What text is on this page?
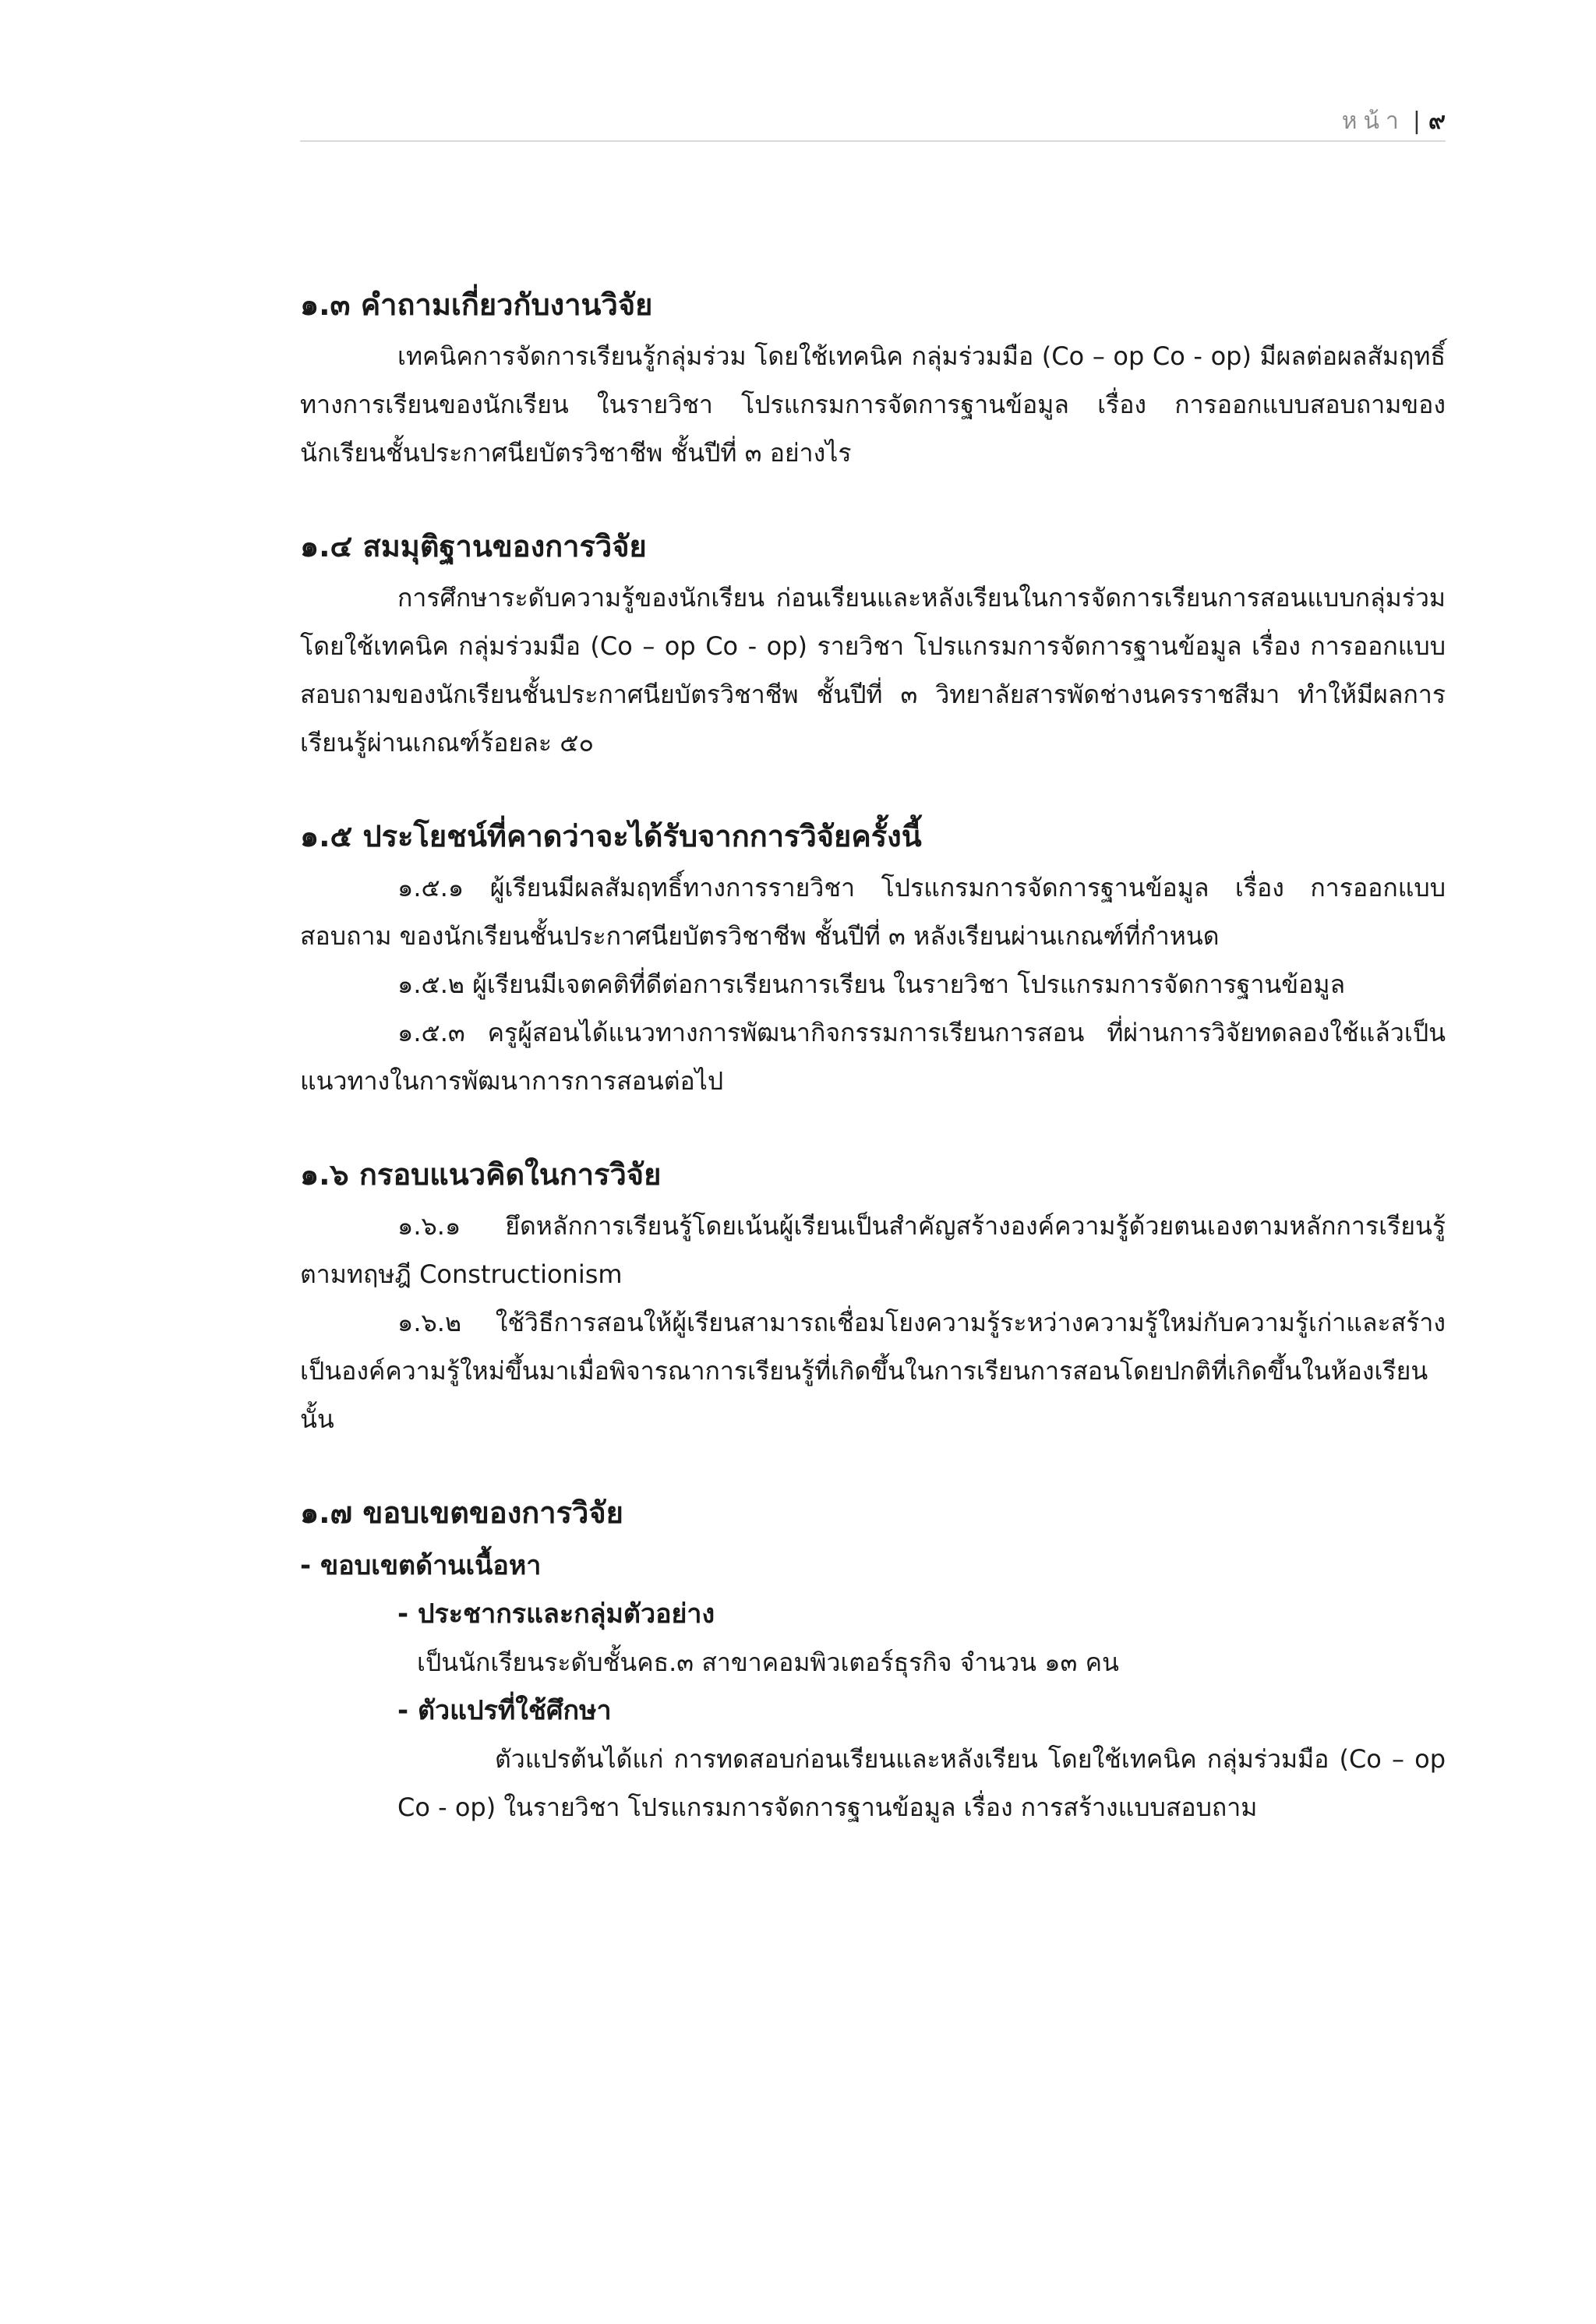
หน้า | ๙
๑.๓ คำถามเกี่ยวกับงานวิจัย

เทคนิคการจัดการเรียนรู้กลุ่มร่วม โดยใช้เทคนิค กลุ่มร่วมมือ (Co – op Co - op) มีผลต่อผลสัมฤทธิ์ทางการเรียนของนักเรียน ในรายวิชา โปรแกรมการจัดการฐานข้อมูล เรื่อง การออกแบบสอบถามของนักเรียนชั้นประกาศนียบัตรวิชาชีพ ชั้นปีที่ ๓ อย่างไร

๑.๔ สมมุติฐานของการวิจัย

การศึกษาระดับความรู้ของนักเรียน ก่อนเรียนและหลังเรียนในการจัดการเรียนการสอนแบบกลุ่มร่วม โดยใช้เทคนิค กลุ่มร่วมมือ (Co – op Co - op) รายวิชา โปรแกรมการจัดการฐานข้อมูล เรื่อง การออกแบบสอบถามของนักเรียนชั้นประกาศนียบัตรวิชาชีพ ชั้นปีที่ ๓ วิทยาลัยสารพัดช่างนครราชสีมา ทำให้มีผลการเรียนรู้ผ่านเกณฑ์ร้อยละ ๕๐

๑.๕ ประโยชน์ที่คาดว่าจะได้รับจากการวิจัยครั้งนี้

๑.๕.๑ ผู้เรียนมีผลสัมฤทธิ์ทางการรายวิชา โปรแกรมการจัดการฐานข้อมูล เรื่อง การออกแบบสอบถาม ของนักเรียนชั้นประกาศนียบัตรวิชาชีพ ชั้นปีที่ ๓ หลังเรียนผ่านเกณฑ์ที่กำหนด

๑.๕.๒ ผู้เรียนมีเจตคติที่ดีต่อการเรียนการเรียน ในรายวิชา โปรแกรมการจัดการฐานข้อมูล

๑.๕.๓ ครูผู้สอนได้แนวทางการพัฒนากิจกรรมการเรียนการสอน ที่ผ่านการวิจัยทดลองใช้แล้วเป็นแนวทางในการพัฒนาการการสอนต่อไป

๑.๖ กรอบแนวคิดในการวิจัย

๑.๖.๑ ยึดหลักการเรียนรู้โดยเน้นผู้เรียนเป็นสำคัญสร้างองค์ความรู้ด้วยตนเองตามหลักการเรียนรู้ตามทฤษฎี Constructionism

๑.๖.๒ ใช้วิธีการสอนให้ผู้เรียนสามารถเชื่อมโยงความรู้ระหว่างความรู้ใหม่กับความรู้เก่าและสร้างเป็นองค์ความรู้ใหม่ขึ้นมาเมื่อพิจารณาการเรียนรู้ที่เกิดขึ้นในการเรียนการสอนโดยปกติที่เกิดขึ้นในห้องเรียนนั้น

๑.๗ ขอบเขตของการวิจัย

- ขอบเขตด้านเนื้อหา

- ประชากรและกลุ่มตัวอย่าง

เป็นนักเรียนระดับชั้นคธ.๓ สาขาคอมพิวเตอร์ธุรกิจ จำนวน ๑๓ คน

- ตัวแปรที่ใช้ศึกษา

ตัวแปรต้นได้แก่ การทดสอบก่อนเรียนและหลังเรียน โดยใช้เทคนิค กลุ่มร่วมมือ (Co – op Co - op) ในรายวิชา โปรแกรมการจัดการฐานข้อมูล เรื่อง การสร้างแบบสอบถาม
